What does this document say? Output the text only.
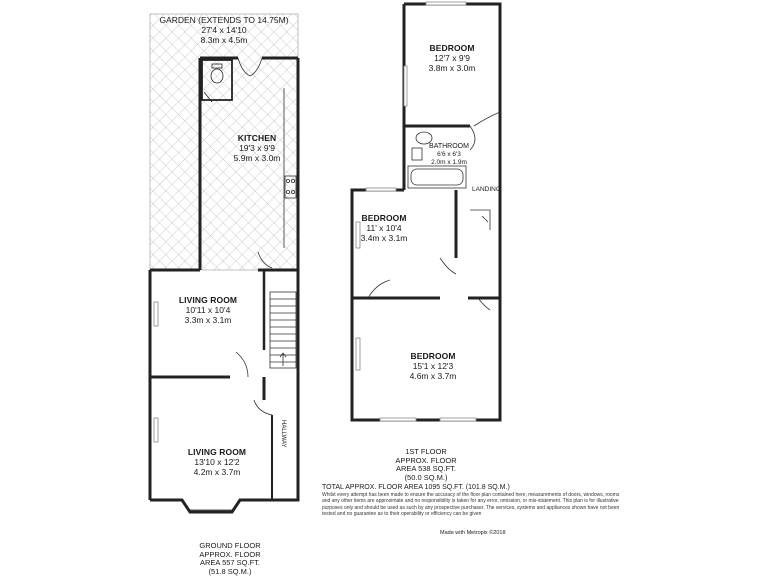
GARDEN (EXTENDS TO 14.75M)
27'4 x 14'10
8.3m x 4.5m
KITCHEN
19'3 x 9'9
5.9m x 3.0m
LIVING ROOM
10'11 x 10'4
3.3m x 3.1m
LIVING ROOM
13'10 x 12'2
4.2m x 3.7m
HALLWAY
GROUND FLOOR
APPROX. FLOOR
AREA 557 SQ.FT.
(51.8 SQ.M.)
BEDROOM
12'7 x 9'9
3.8m x 3.0m
BATHROOM
6'6 x 6'3
2.0m x 1.9m
LANDING
BEDROOM
11' x 10'4
3.4m x 3.1m
BEDROOM
15'1 x 12'3
4.6m x 3.7m
1ST FLOOR
APPROX. FLOOR
AREA 538 SQ.FT.
(50.0 SQ.M.)
TOTAL APPROX. FLOOR AREA 1095 SQ.FT. (101.8 SQ.M.)
Whilst every attempt has been made to ensure the accuracy of the floor plan contained here, measurements of doors, windows, rooms and any other items are approximate and no responsibility is taken for any error, omission, or mis-statement. This plan is for illustrative purposes only and should be used as such by any prospective purchaser. The services, systems and appliances shown have not been tested and no guarantee as to their operability or efficiency can be given
Made with Metropix ©2018
